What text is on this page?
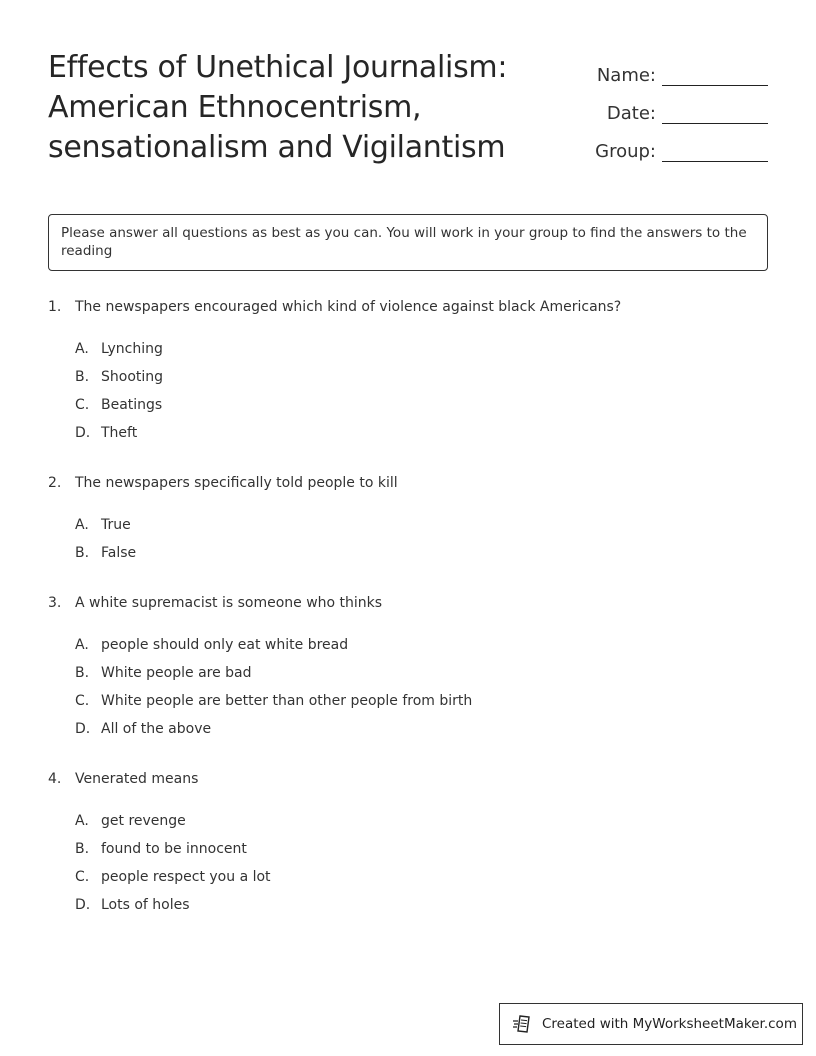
Effects of Unethical Journalism:
American Ethnocentrism,
sensationalism and Vigilantism
Name:
Date:
Group:
Please answer all questions as best as you can. You will work in your group to find the answers to the reading
1. The newspapers encouraged which kind of violence against black Americans?
A. Lynching
B. Shooting
C. Beatings
D. Theft
2. The newspapers specifically told people to kill
A. True
B. False
3. A white supremacist is someone who thinks
A. people should only eat white bread
B. White people are bad
C. White people are better than other people from birth
D. All of the above
4. Venerated means
A. get revenge
B. found to be innocent
C. people respect you a lot
D. Lots of holes
Created with MyWorksheetMaker.com
